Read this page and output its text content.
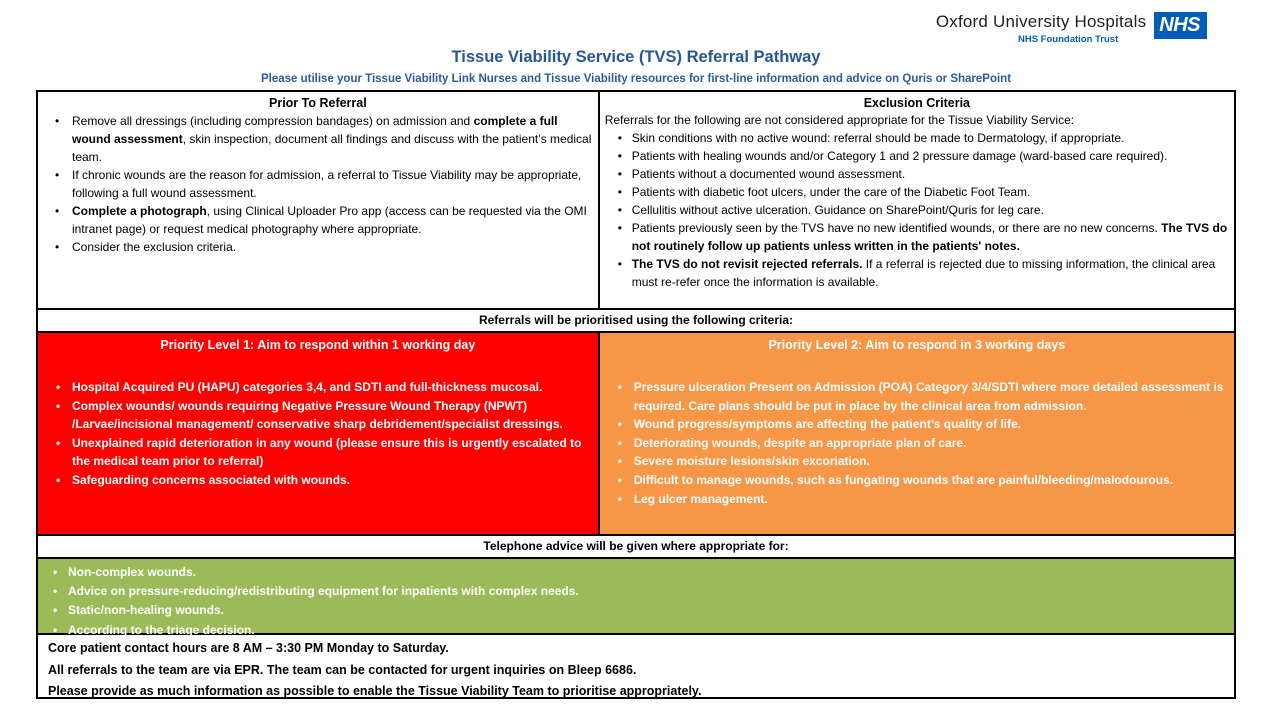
Oxford University Hospitals
NHS Foundation Trust
NHS
Tissue Viability Service (TVS) Referral Pathway
Please utilise your Tissue Viability Link Nurses and Tissue Viability resources for first-line information and advice on Quris or SharePoint
Prior To Referral
• Remove all dressings (including compression bandages) on admission and complete a full wound assessment, skin inspection, document all findings and discuss with the patient’s medical team.
• If chronic wounds are the reason for admission, a referral to Tissue Viability may be appropriate, following a full wound assessment.
• Complete a photograph, using Clinical Uploader Pro app (access can be requested via the OMI intranet page) or request medical photography where appropriate.
• Consider the exclusion criteria.
Exclusion Criteria
Referrals for the following are not considered appropriate for the Tissue Viability Service:
• Skin conditions with no active wound: referral should be made to Dermatology, if appropriate.
• Patients with healing wounds and/or Category 1 and 2 pressure damage (ward-based care required).
• Patients without a documented wound assessment.
• Patients with diabetic foot ulcers, under the care of the Diabetic Foot Team.
• Cellulitis without active ulceration. Guidance on SharePoint/Quris for leg care.
• Patients previously seen by the TVS have no new identified wounds, or there are no new concerns. The TVS do not routinely follow up patients unless written in the patients' notes.
• The TVS do not revisit rejected referrals. If a referral is rejected due to missing information, the clinical area must re-refer once the information is available.
Referrals will be prioritised using the following criteria:
Priority Level 1: Aim to respond within 1 working day
• Hospital Acquired PU (HAPU) categories 3,4, and SDTI and full-thickness mucosal.
• Complex wounds/ wounds requiring Negative Pressure Wound Therapy (NPWT) /Larvae/incisional management/ conservative sharp debridement/specialist dressings.
• Unexplained rapid deterioration in any wound (please ensure this is urgently escalated to the medical team prior to referral)
• Safeguarding concerns associated with wounds.
Priority Level 2: Aim to respond in 3 working days
• Pressure ulceration Present on Admission (POA) Category 3/4/SDTI where more detailed assessment is required. Care plans should be put in place by the clinical area from admission.
• Wound progress/symptoms are affecting the patient’s quality of life.
• Deteriorating wounds, despite an appropriate plan of care.
• Severe moisture lesions/skin excoriation.
• Difficult to manage wounds, such as fungating wounds that are painful/bleeding/malodourous.
• Leg ulcer management.
Telephone advice will be given where appropriate for:
• Non-complex wounds.
• Advice on pressure-reducing/redistributing equipment for inpatients with complex needs.
• Static/non-healing wounds.
• According to the triage decision.
Core patient contact hours are 8 AM – 3:30 PM Monday to Saturday.
All referrals to the team are via EPR. The team can be contacted for urgent inquiries on Bleep 6686.
Please provide as much information as possible to enable the Tissue Viability Team to prioritise appropriately.
